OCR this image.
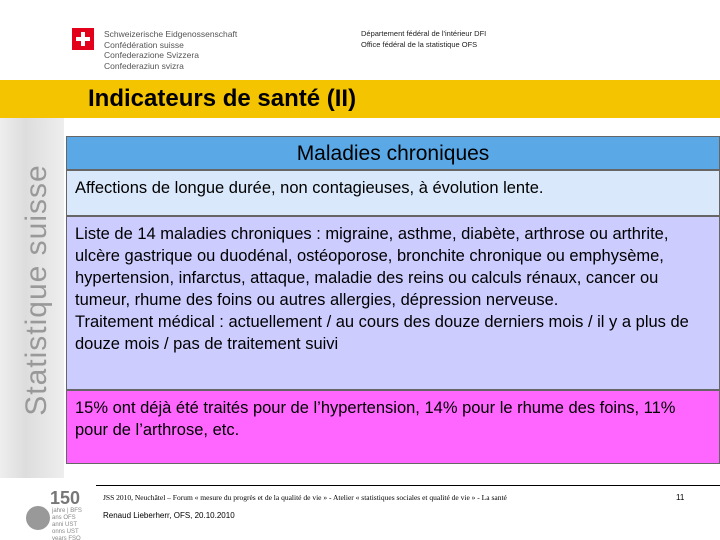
Schweizerische Eidgenossenschaft
Confédération suisse
Confederazione Svizzera
Confederaziun svizra
Département fédéral de l'intérieur DFI
Office fédéral de la statistique OFS
Indicateurs de santé (II)
Statistique suisse
Maladies chroniques
Affections de longue durée, non contagieuses, à évolution lente.
Liste de 14 maladies chroniques : migraine, asthme, diabète, arthrose ou arthrite, ulcère gastrique ou duodénal, ostéoporose, bronchite chronique ou emphysème, hypertension, infarctus, attaque, maladie des reins ou calculs rénaux, cancer ou tumeur, rhume des foins ou autres allergies, dépression nerveuse.
Traitement médical : actuellement / au cours des douze derniers mois / il y a plus de douze mois / pas de traitement suivi
15% ont déjà été traités pour de l’hypertension, 14% pour le rhume des foins, 11% pour de l’arthrose, etc.
150
jahre | BFS
ans OFS
anni UST
onns UST
years FSO
JSS 2010, Neuchâtel – Forum « mesure du progrès et de la qualité de vie » - Atelier « statistiques sociales et qualité de vie » - La santé	11
Renaud Lieberherr, OFS, 20.10.2010
